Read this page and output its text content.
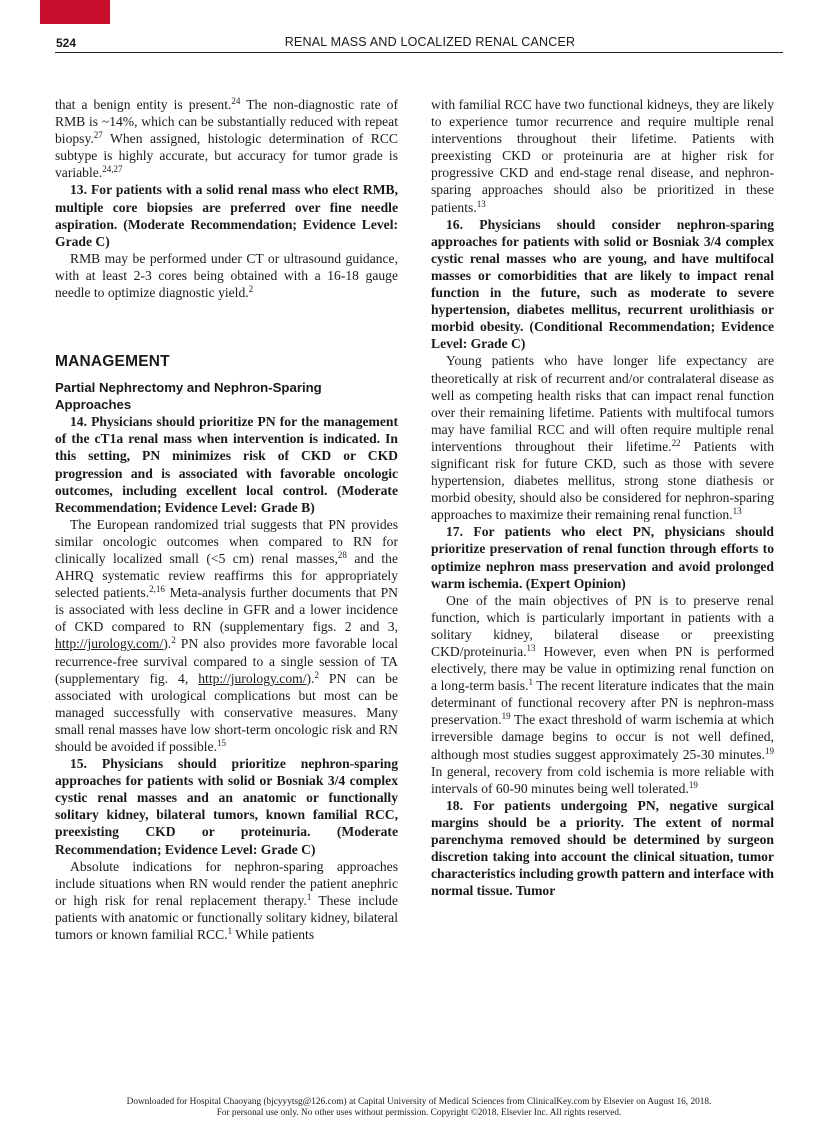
524	RENAL MASS AND LOCALIZED RENAL CANCER

that a benign entity is present.$^{24}$ The non-diagnostic rate of RMB is ~14%, which can be substantially reduced with repeat biopsy.$^{27}$ When assigned, histologic determination of RCC subtype is highly accurate, but accuracy for tumor grade is variable.$^{24,27}$

13. For patients with a solid renal mass who elect RMB, multiple core biopsies are preferred over fine needle aspiration. (Moderate Recommendation; Evidence Level: Grade C)

RMB may be performed under CT or ultrasound guidance, with at least 2-3 cores being obtained with a 16-18 gauge needle to optimize diagnostic yield.$^2$

MANAGEMENT
Partial Nephrectomy and Nephron-Sparing Approaches

14. Physicians should prioritize PN for the management of the cT1a renal mass when intervention is indicated. In this setting, PN minimizes risk of CKD or CKD progression and is associated with favorable oncologic outcomes, including excellent local control. (Moderate Recommendation; Evidence Level: Grade B)

The European randomized trial suggests that PN provides similar oncologic outcomes when compared to RN for clinically localized small (<5 cm) renal masses,$^{28}$ and the AHRQ systematic review reaffirms this for appropriately selected patients.$^{2,16}$ Meta-analysis further documents that PN is associated with less decline in GFR and a lower incidence of CKD compared to RN (supplementary figs. 2 and 3, http://jurology.com/).$^2$ PN also provides more favorable local recurrence-free survival compared to a single session of TA (supplementary fig. 4, http://jurology.com/).$^2$ PN can be associated with urological complications but most can be managed successfully with conservative measures. Many small renal masses have low short-term oncologic risk and RN should be avoided if possible.$^{15}$

15. Physicians should prioritize nephron-sparing approaches for patients with solid or Bosniak 3/4 complex cystic renal masses and an anatomic or functionally solitary kidney, bilateral tumors, known familial RCC, preexisting CKD or proteinuria. (Moderate Recommendation; Evidence Level: Grade C)

Absolute indications for nephron-sparing approaches include situations when RN would render the patient anephric or high risk for renal replacement therapy.$^1$ These include patients with anatomic or functionally solitary kidney, bilateral tumors or known familial RCC.$^1$ While patients

with familial RCC have two functional kidneys, they are likely to experience tumor recurrence and require multiple renal interventions throughout their lifetime. Patients with preexisting CKD or proteinuria are at higher risk for progressive CKD and end-stage renal disease, and nephron-sparing approaches should also be prioritized in these patients.$^{13}$

16. Physicians should consider nephron-sparing approaches for patients with solid or Bosniak 3/4 complex cystic renal masses who are young, and have multifocal masses or comorbidities that are likely to impact renal function in the future, such as moderate to severe hypertension, diabetes mellitus, recurrent urolithiasis or morbid obesity. (Conditional Recommendation; Evidence Level: Grade C)

Young patients who have longer life expectancy are theoretically at risk of recurrent and/or contralateral disease as well as competing health risks that can impact renal function over their remaining lifetime. Patients with multifocal tumors may have familial RCC and will often require multiple renal interventions throughout their lifetime.$^{22}$ Patients with significant risk for future CKD, such as those with severe hypertension, diabetes mellitus, strong stone diathesis or morbid obesity, should also be considered for nephron-sparing approaches to maximize their remaining renal function.$^{13}$

17. For patients who elect PN, physicians should prioritize preservation of renal function through efforts to optimize nephron mass preservation and avoid prolonged warm ischemia. (Expert Opinion)

One of the main objectives of PN is to preserve renal function, which is particularly important in patients with a solitary kidney, bilateral disease or preexisting CKD/proteinuria.$^{13}$ However, even when PN is performed electively, there may be value in optimizing renal function on a long-term basis.$^1$ The recent literature indicates that the main determinant of functional recovery after PN is nephron-mass preservation.$^{19}$ The exact threshold of warm ischemia at which irreversible damage begins to occur is not well defined, although most studies suggest approximately 25-30 minutes.$^{19}$ In general, recovery from cold ischemia is more reliable with intervals of 60-90 minutes being well tolerated.$^{19}$

18. For patients undergoing PN, negative surgical margins should be a priority. The extent of normal parenchyma removed should be determined by surgeon discretion taking into account the clinical situation, tumor characteristics including growth pattern and interface with normal tissue. Tumor

Downloaded for Hospital Chaoyang (bjcyyytsg@126.com) at Capital University of Medical Sciences from ClinicalKey.com by Elsevier on August 16, 2018.
For personal use only. No other uses without permission. Copyright ©2018. Elsevier Inc. All rights reserved.
